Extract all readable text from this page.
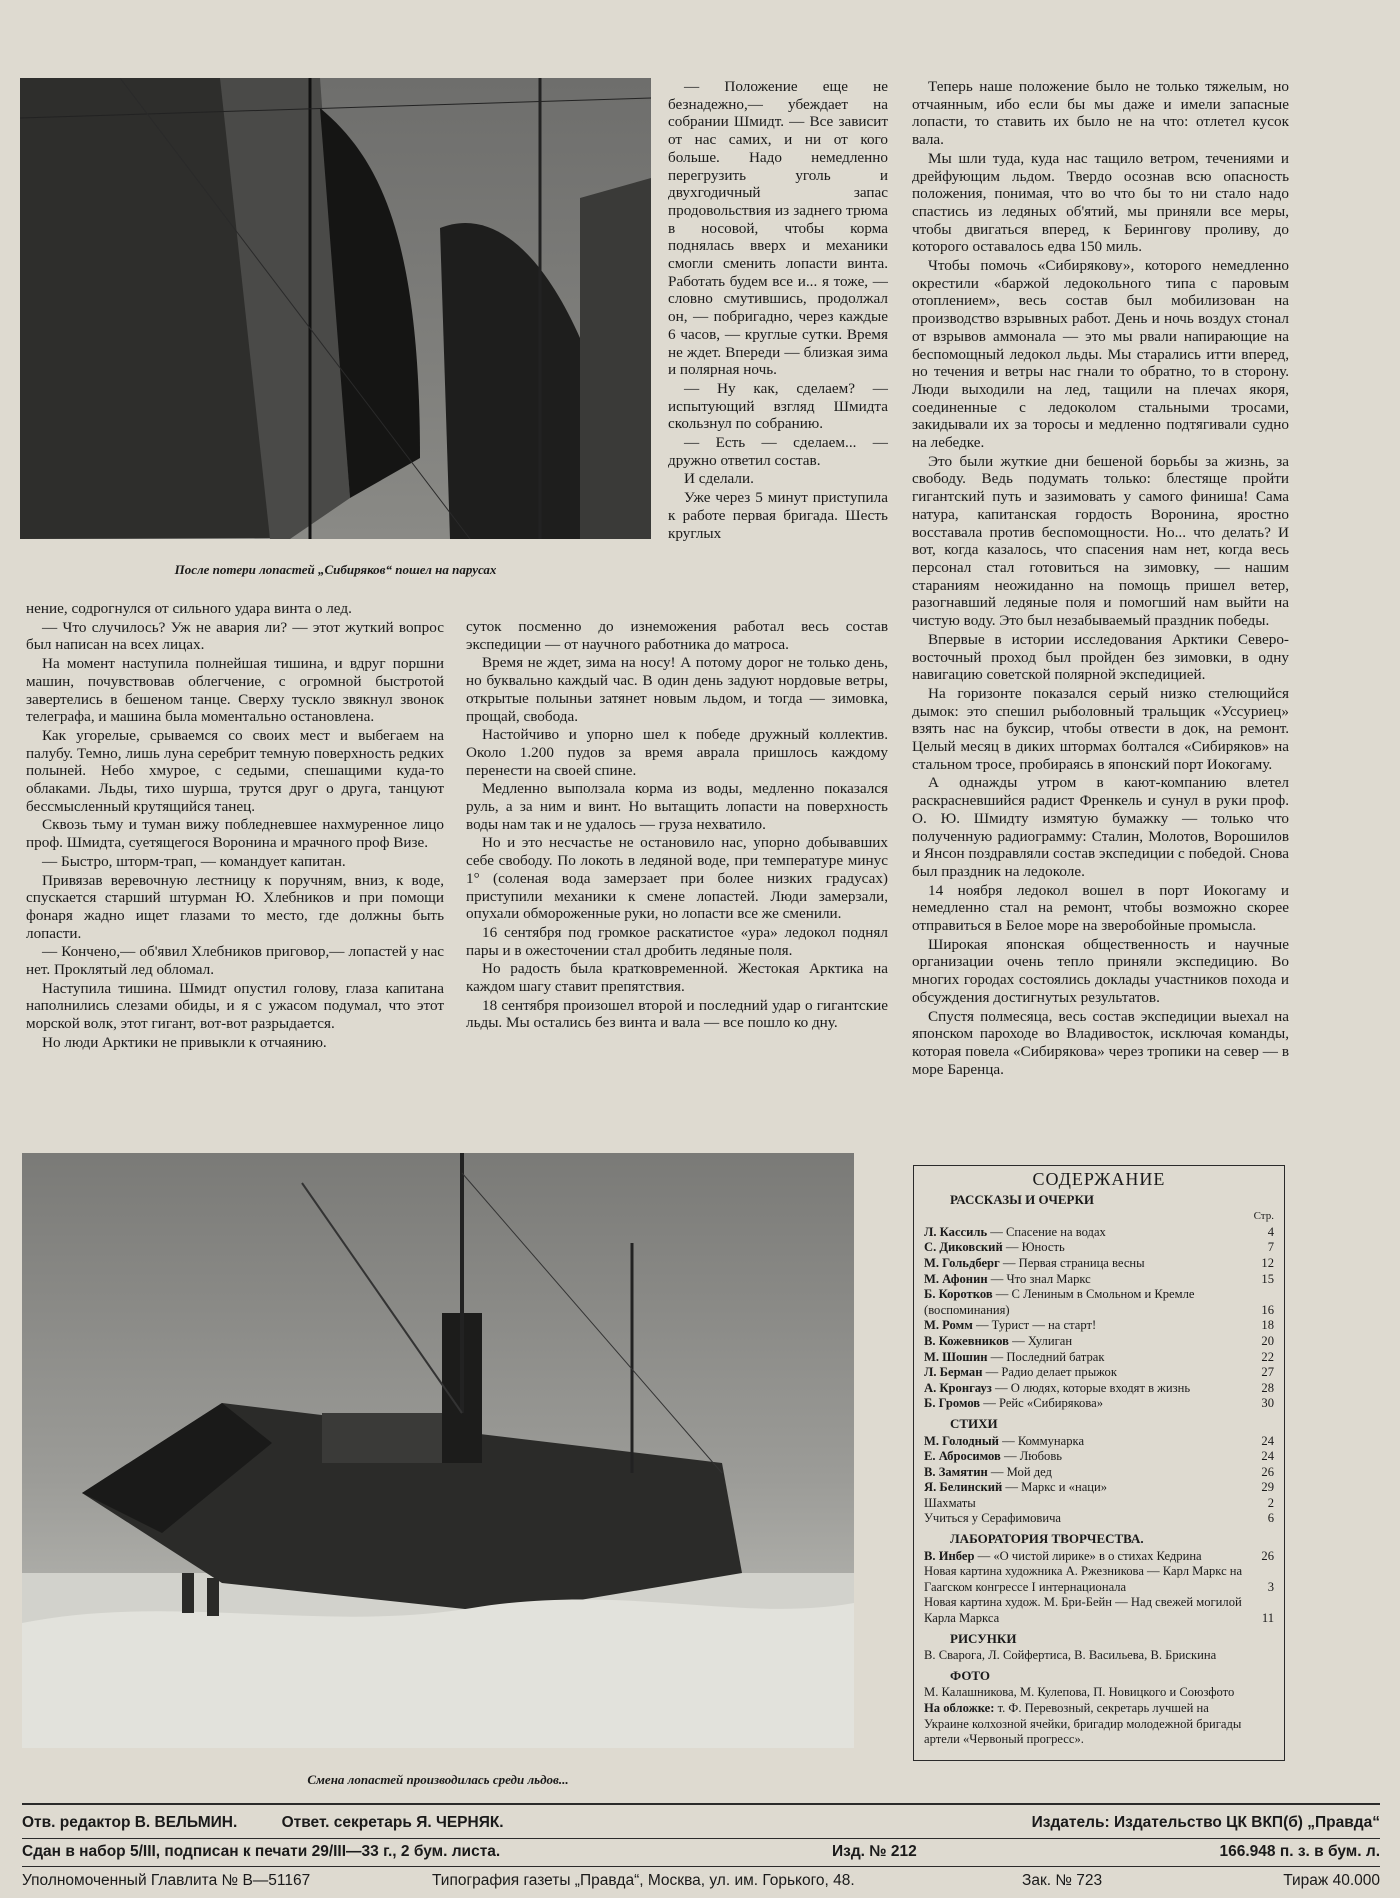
После потери лопастей „Сибиряков“ пошел на парусах

— Положение еще не безнадежно,— убеждает на собрании Шмидт. — Все зависит от нас самих, и ни от кого больше. Надо немедленно перегрузить уголь и двухгодичный запас продовольствия из заднего трюма в носовой, чтобы корма поднялась вверх и механики смогли сменить лопасти винта. Работать будем все и... я тоже, — словно смутившись, продолжал он, — побригадно, через каждые 6 часов, — круглые сутки. Время не ждет. Впереди — близкая зима и полярная ночь.

— Ну как, сделаем? — испытующий взгляд Шмидта скользнул по собранию.

— Есть — сделаем... — дружно ответил состав.

И сделали.

Уже через 5 минут приступила к работе первая бригада. Шесть круглых

Теперь наше положение было не только тяжелым, но отчаянным, ибо если бы мы даже и имели запасные лопасти, то ставить их было не на что: отлетел кусок вала.

Мы шли туда, куда нас тащило ветром, течениями и дрейфующим льдом. Твердо осознав всю опасность положения, понимая, что во что бы то ни стало надо спастись из ледяных об'ятий, мы приняли все меры, чтобы двигаться вперед, к Берингову проливу, до которого оставалось едва 150 миль.

Чтобы помочь «Сибирякову», которого немедленно окрестили «баржой ледокольного типа с паровым отоплением», весь состав был мобилизован на производство взрывных работ. День и ночь воздух стонал от взрывов аммонала — это мы рвали напирающие на беспомощный ледокол льды. Мы старались итти вперед, но течения и ветры нас гнали то обратно, то в сторону. Люди выходили на лед, тащили на плечах якоря, соединенные с ледоколом стальными тросами, закидывали их за торосы и медленно подтягивали судно на лебедке.

Это были жуткие дни бешеной борьбы за жизнь, за свободу. Ведь подумать только: блестяще пройти гигантский путь и зазимовать у самого финиша! Сама натура, капитанская гордость Воронина, яростно восставала против беспомощности. Но... что делать? И вот, когда казалось, что спасения нам нет, когда весь персонал стал готовиться на зимовку, — нашим стараниям неожиданно на помощь пришел ветер, разогнавший ледяные поля и помогший нам выйти на чистую воду. Это был незабываемый праздник победы.

Впервые в истории исследования Арктики Северо-восточный проход был пройден без зимовки, в одну навигацию советской полярной экспедицией.

На горизонте показался серый низко стелющийся дымок: это спешил рыболовный тральщик «Уссуриец» взять нас на буксир, чтобы отвести в док, на ремонт. Целый месяц в диких штормах болтался «Сибиряков» на стальном тросе, пробираясь в японский порт Иокогаму.

А однажды утром в кают-компанию влетел раскрасневшийся радист Френкель и сунул в руки проф. О. Ю. Шмидту измятую бумажку — только что полученную радиограмму: Сталин, Молотов, Ворошилов и Янсон поздравляли состав экспедиции с победой. Снова был праздник на ледоколе.

14 ноября ледокол вошел в порт Иокогаму и немедленно стал на ремонт, чтобы возможно скорее отправиться в Белое море на зверобойные промысла.

Широкая японская общественность и научные организации очень тепло приняли экспедицию. Во многих городах состоялись доклады участников похода и обсуждения достигнутых результатов.

Спустя полмесяца, весь состав экспедиции выехал на японском пароходе во Владивосток, исключая команды, которая повела «Сибирякова» через тропики на север — в море Баренца.

нение, содрогнулся от сильного удара винта о лед.

— Что случилось? Уж не авария ли? — этот жуткий вопрос был написан на всех лицах.

На момент наступила полнейшая тишина, и вдруг поршни машин, почувствовав облегчение, с огромной быстротой завертелись в бешеном танце. Сверху тускло звякнул звонок телеграфа, и машина была моментально остановлена.

Как угорелые, срываемся со своих мест и выбегаем на палубу. Темно, лишь луна серебрит темную поверхность редких полыней. Небо хмурое, с седыми, спешащими куда-то облаками. Льды, тихо шурша, трутся друг о друга, танцуют бессмысленный крутящийся танец.

Сквозь тьму и туман вижу побледневшее нахмуренное лицо проф. Шмидта, суетящегося Воронина и мрачного проф Визе.

— Быстро, шторм-трап, — командует капитан.

Привязав веревочную лестницу к поручням, вниз, к воде, спускается старший штурман Ю. Хлебников и при помощи фонаря жадно ищет глазами то место, где должны быть лопасти.

— Кончено,— об'явил Хлебников приговор,— лопастей у нас нет. Проклятый лед обломал.

Наступила тишина. Шмидт опустил голову, глаза капитана наполнились слезами обиды, и я с ужасом подумал, что этот морской волк, этот гигант, вот-вот разрыдается.

Но люди Арктики не привыкли к отчаянию.

суток посменно до изнеможения работал весь состав экспедиции — от научного работника до матроса.

Время не ждет, зима на носу! А потому дорог не только день, но буквально каждый час. В один день задуют нордовые ветры, открытые полыньи затянет новым льдом, и тогда — зимовка, прощай, свобода.

Настойчиво и упорно шел к победе дружный коллектив. Около 1.200 пудов за время аврала пришлось каждому перенести на своей спине.

Медленно выползала корма из воды, медленно показался руль, а за ним и винт. Но вытащить лопасти на поверхность воды нам так и не удалось — груза нехватило.

Но и это несчастье не остановило нас, упорно добывавших себе свободу. По локоть в ледяной воде, при температуре минус 1° (соленая вода замерзает при более низких градусах) приступили механики к смене лопастей. Люди замерзали, опухали обмороженные руки, но лопасти все же сменили.

16 сентября под громкое раскатистое «ура» ледокол поднял пары и в ожесточении стал дробить ледяные поля.

Но радость была кратковременной. Жестокая Арктика на каждом шагу ставит препятствия.

18 сентября произошел второй и последний удар о гигантские льды. Мы остались без винта и вала — все пошло ко дну.

Смена лопастей производилась среди льдов...
СОДЕРЖАНИЕ
РАССКАЗЫ И ОЧЕРКИ
Стр.
Л. Кассиль — Спасение на водах	4
С. Диковский — Юность	7
М. Гольдберг — Первая страница весны	12
М. Афонин — Что знал Маркс	15
Б. Коротков — С Лениным в Смольном и Кремле (воспоминания)	16
М. Ромм — Турист — на старт!	18
В. Кожевников — Хулиган	20
М. Шошин — Последний батрак	22
Л. Берман — Радио делает прыжок	27
А. Кронгауз — О людях, которые входят в жизнь	28
Б. Громов — Рейс «Сибирякова»	30
СТИХИ
М. Голодный — Коммунарка	24
Е. Абросимов — Любовь	24
В. Замятин — Мой дед	26
Я. Белинский — Маркс и «наци»	29
Шахматы	2
Учиться у Серафимовича	6
ЛАБОРАТОРИЯ ТВОРЧЕСТВА.
В. Инбер — «О чистой лирике» в о стихах Кедрина	26
Новая картина художника А. Ржезникова — Карл Маркс на Гаагском конгрессе I интернационала	3
Новая картина худож. М. Бри-Бейн — Над свежей могилой Карла Маркса	11
РИСУНКИ
В. Сварога, Л. Сойфертиса, В. Васильева, В. Брискина
ФОТО
М. Калашникова, М. Кулепова, П. Новицкого и Союзфото
На обложке: т. Ф. Перевозный, секретарь лучшей на Украине колхозной ячейки, бригадир молодежной бригады артели «Червоный прогресс».
Отв. редактор В. ВЕЛЬМИН.	Ответ. секретарь Я. ЧЕРНЯК.	Издатель: Издательство ЦК ВКП(б) „Правда“
Сдан в набор 5/III, подписан к печати 29/III—33 г., 2 бум. листа.	Изд. № 212	166.948 п. з. в бум. л.
Уполномоченный Главлита № В—51167	Типография газеты „Правда“, Москва, ул. им. Горького, 48.	Зак. № 723	Тираж 40.000
